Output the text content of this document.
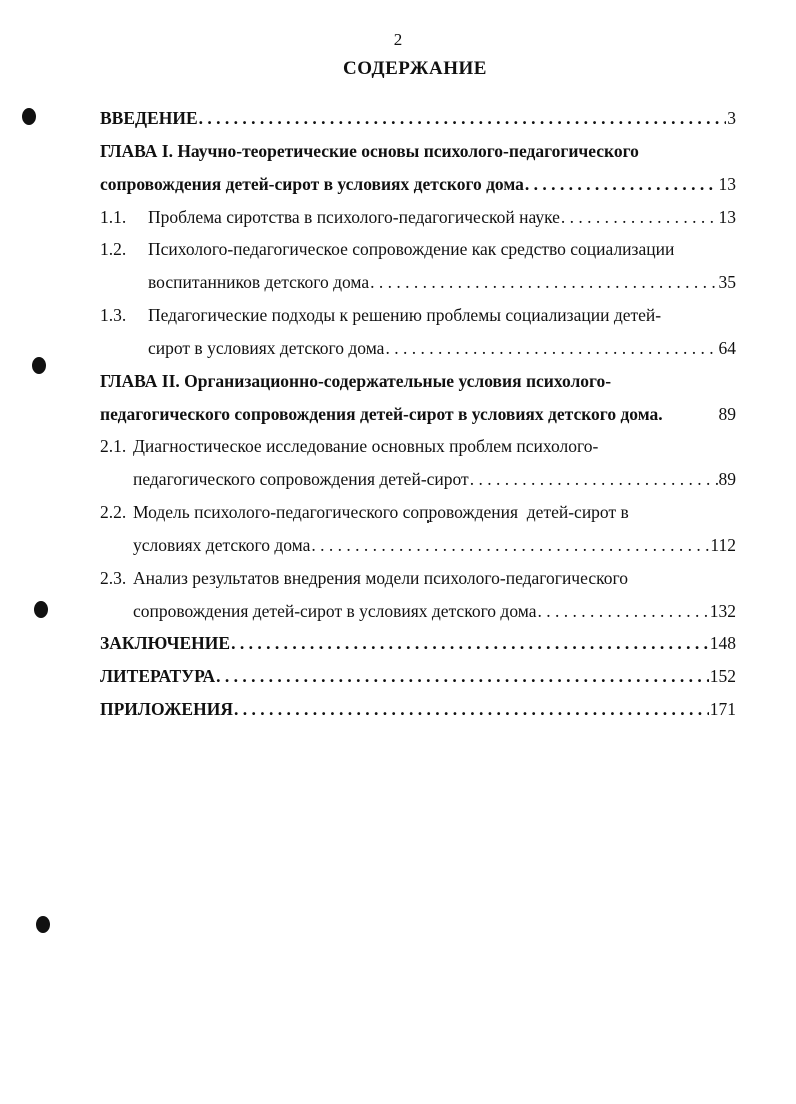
2
СОДЕРЖАНИЕ
ВВЕДЕНИЕ . . .	3
ГЛАВА I. Научно-теоретические основы психолого-педагогического
сопровождения детей-сирот в условиях детского дома . . .	13
1.1. Проблема сиротства в психолого-педагогической науке . . .	13
1.2. Психолого-педагогическое сопровождение как средство социализации
воспитанников детского дома . . .	35
1.3. Педагогические подходы к решению проблемы социализации детей-
сирот в условиях детского дома . . .	64
ГЛАВА II. Организационно-содержательные условия психолого-
педагогического сопровождения детей-сирот в условиях детского дома.	89
2.1. Диагностическое исследование основных проблем психолого-
педагогического сопровождения детей-сирот . . .	89
2.2. Модель психолого-педагогического сопровождения  детей-сирот в
условиях детского дома . . .	112
2.3. Анализ результатов внедрения модели психолого-педагогического
сопровождения детей-сирот в условиях детского дома . . .	132
ЗАКЛЮЧЕНИЕ . . .	148
ЛИТЕРАТУРА . . .	152
ПРИЛОЖЕНИЯ . . .	171
